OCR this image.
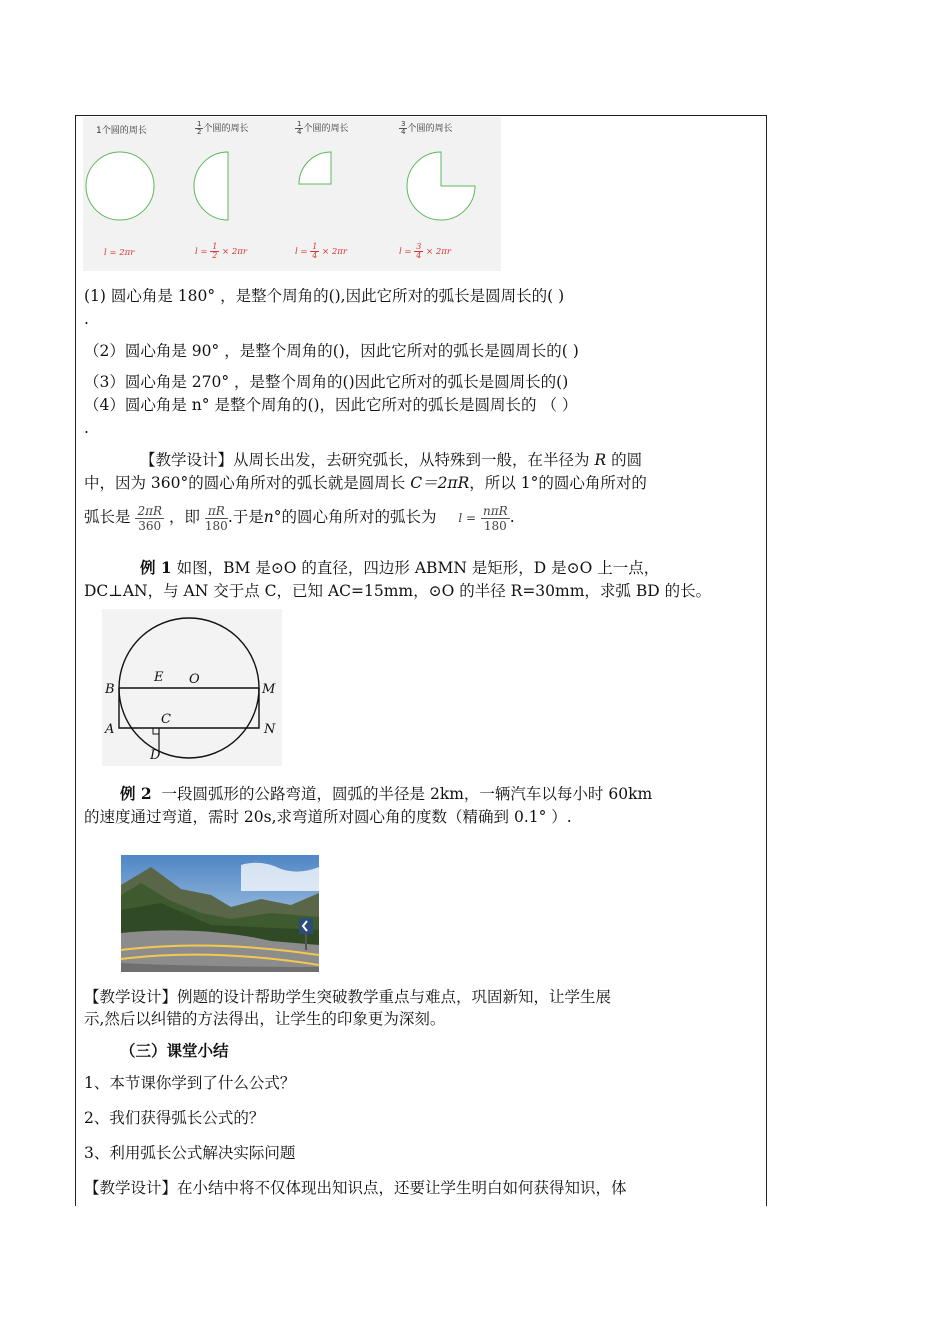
1个圆的周长	$\frac{1}{2}$ 个圆的周长	$\frac{1}{4}$ 个圆的周长	$\frac{3}{4}$ 个圆的周长
l = 2πr	$l = \frac{1}{2} \times 2\pi r$	$l = \frac{1}{4} \times 2\pi r$	$l = \frac{3}{4} \times 2\pi r$
(1) 圆心角是 180° ，是整个周角的(),因此它所对的弧长是圆周长的( )
.
（2）圆心角是 90° ，是整个周角的()，因此它所对的弧长是圆周长的( )
（3）圆心角是 270° ，是整个周角的()因此它所对的弧长是圆周长的()
（4）圆心角是 n° 是整个周角的()，因此它所对的弧长是圆周长的 （ ）
.
【教学设计】从周长出发，去研究弧长，从特殊到一般，在半径为 R 的圆
中，因为 360°的圆心角所对的弧长就是圆周长 C＝2πR，所以 1°的圆心角所对的
弧长是 $\frac{2\pi R}{360}$ ，即 $\frac{\pi R}{180}$ .于是n°的圆心角所对的弧长为 $l = \frac{\text{nπR}}{180}$ .
例 1 如图，BM 是⊙O 的直径，四边形 ABMN 是矩形，D 是⊙O 上一点，
DC⊥AN，与 AN 交于点 C，已知 AC=15mm，⊙O 的半径 R=30mm，求弧 BD 的长。
B
E O
M
A
C
N
D
例 2 一段圆弧形的公路弯道，圆弧的半径是 2km，一辆汽车以每小时 60km
的速度通过弯道，需时 20s,求弯道所对圆心角的度数（精确到 0.1° ）.
【教学设计】例题的设计帮助学生突破教学重点与难点，巩固新知，让学生展
示,然后以纠错的方法得出，让学生的印象更为深刻。
（三）课堂小结
1、本节课你学到了什么公式？
2、我们获得弧长公式的？
3、利用弧长公式解决实际问题
【教学设计】在小结中将不仅体现出知识点，还要让学生明白如何获得知识，体
